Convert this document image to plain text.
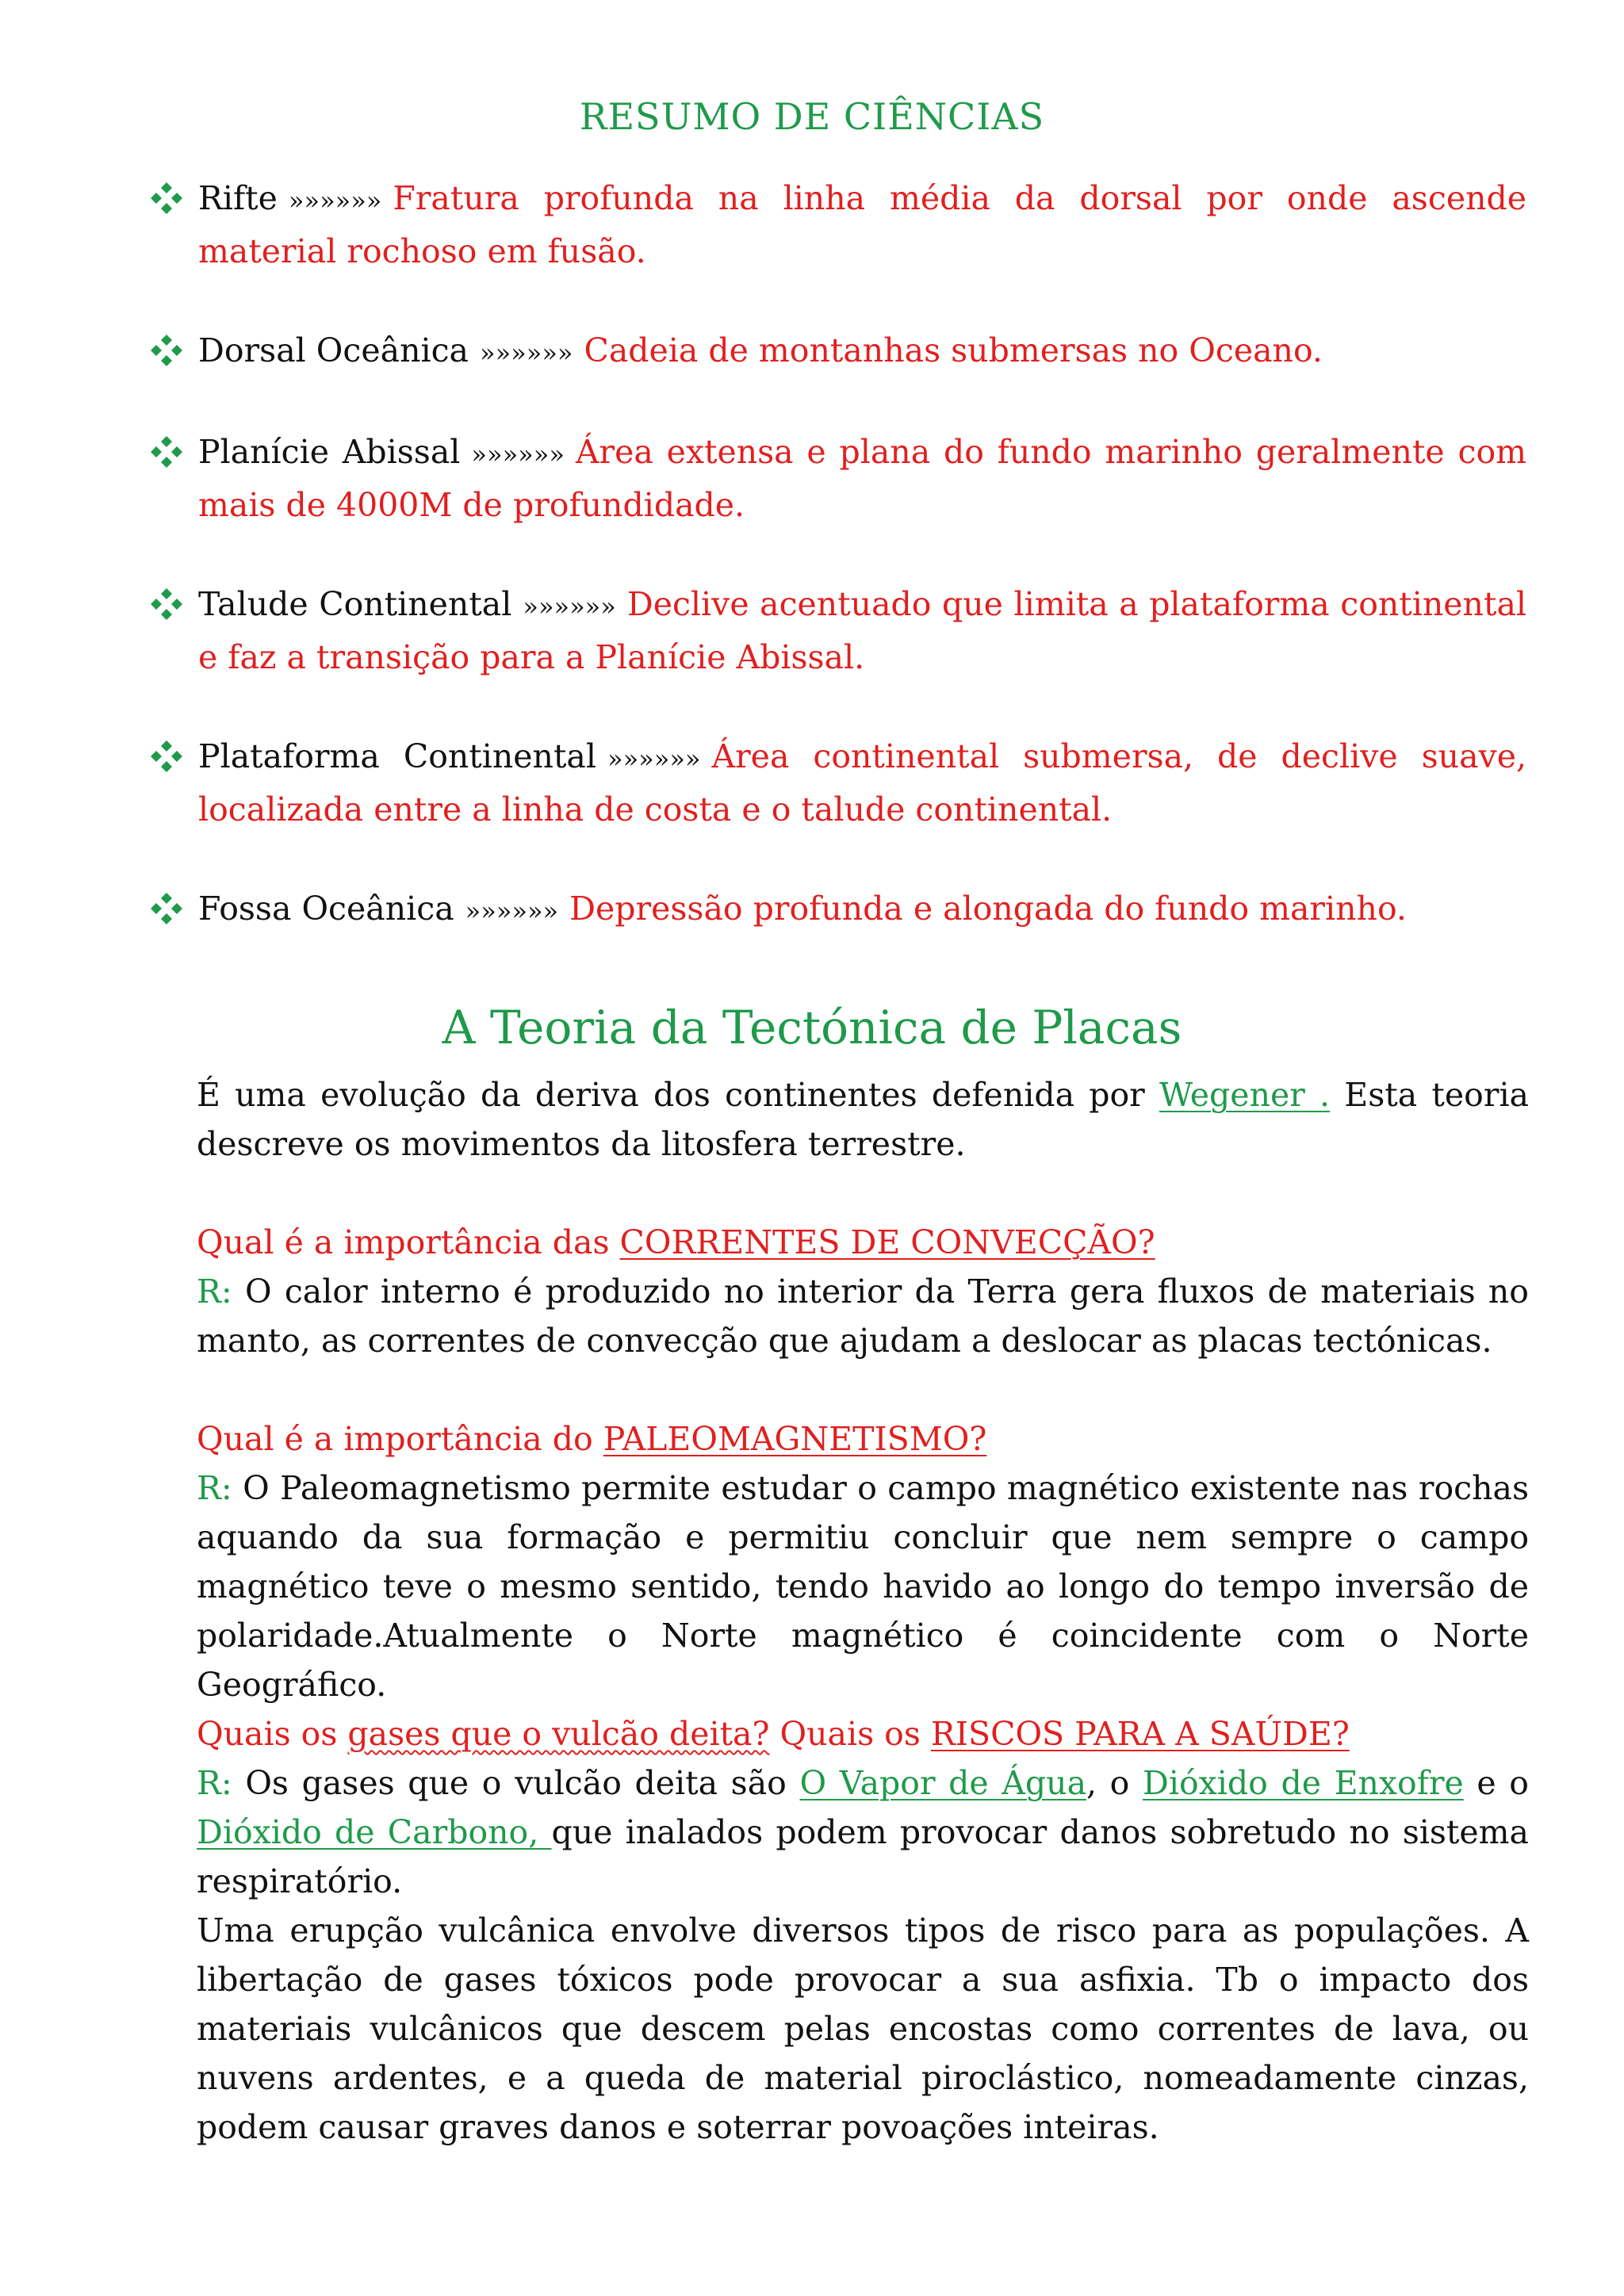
RESUMO DE CIÊNCIAS
Rifte »»»»»» Fratura profunda na linha média da dorsal por onde ascende material rochoso em fusão.
Dorsal Oceânica »»»»»» Cadeia de montanhas submersas no Oceano.
Planície Abissal »»»»»» Área extensa e plana do fundo marinho geralmente com mais de 4000M de profundidade.
Talude Continental »»»»»» Declive acentuado que limita a plataforma continental e faz a transição para a Planície Abissal.
Plataforma Continental »»»»»» Área continental submersa, de declive suave, localizada entre a linha de costa e o talude continental.
Fossa Oceânica »»»»»» Depressão profunda e alongada do fundo marinho.
A Teoria da Tectónica de Placas
É uma evolução da deriva dos continentes defenida por Wegener . Esta teoria descreve os movimentos da litosfera terrestre.
Qual é a importância das CORRENTES DE CONVECÇÃO?
R: O calor interno é produzido no interior da Terra gera fluxos de materiais no manto, as correntes de convecção que ajudam a deslocar as placas tectónicas.
Qual é a importância do PALEOMAGNETISMO?
R: O Paleomagnetismo permite estudar o campo magnético existente nas rochas aquando da sua formação e permitiu concluir que nem sempre o campo magnético teve o mesmo sentido, tendo havido ao longo do tempo inversão de polaridade.Atualmente o Norte magnético é coincidente com o Norte Geográfico.
Quais os gases que o vulcão deita? Quais os RISCOS PARA A SAÚDE?
R: Os gases que o vulcão deita são O Vapor de Água, o Dióxido de Enxofre e o Dióxido de Carbono, que inalados podem provocar danos sobretudo no sistema respiratório.
Uma erupção vulcânica envolve diversos tipos de risco para as populações. A libertação de gases tóxicos pode provocar a sua asfixia. Tb o impacto dos materiais vulcânicos que descem pelas encostas como correntes de lava, ou nuvens ardentes, e a queda de material piroclástico, nomeadamente cinzas, podem causar graves danos e soterrar povoações inteiras.
